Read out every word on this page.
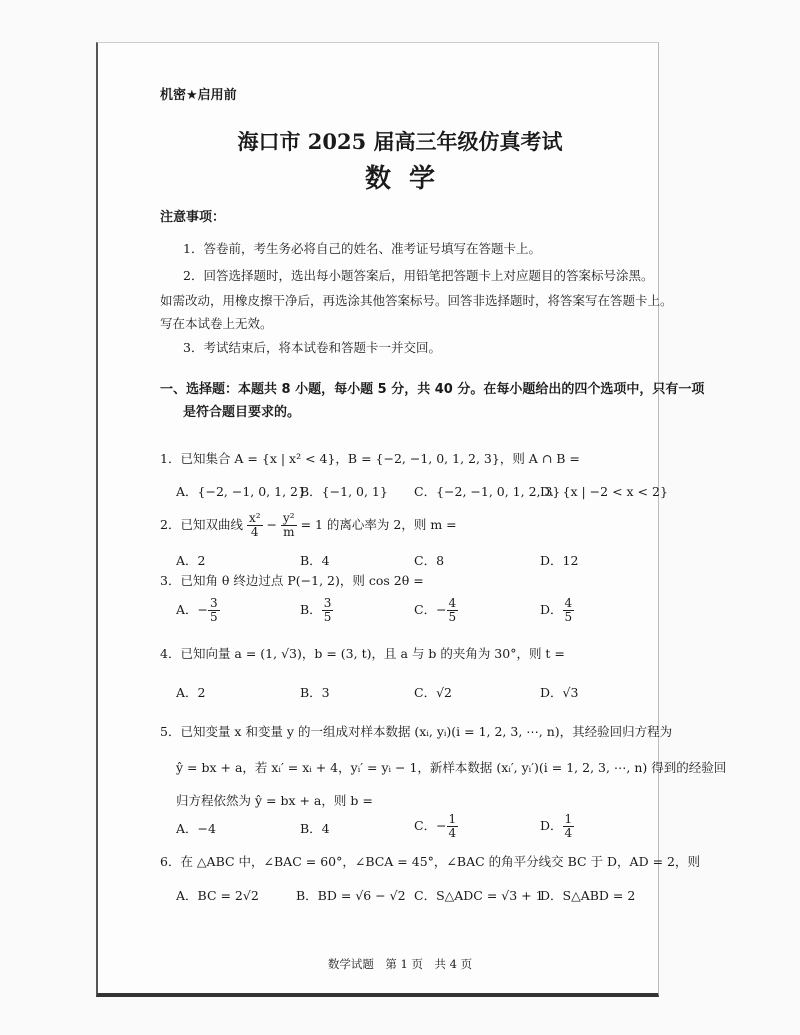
机密★启用前
海口市 2025 届高三年级仿真考试
数学
注意事项：
1．答卷前，考生务必将自己的姓名、准考证号填写在答题卡上。
2．回答选择题时，选出每小题答案后，用铅笔把答题卡上对应题目的答案标号涂黑。
如需改动，用橡皮擦干净后，再选涂其他答案标号。回答非选择题时，将答案写在答题卡上。
写在本试卷上无效。
3．考试结束后，将本试卷和答题卡一并交回。
一、选择题：本题共 8 小题，每小题 5 分，共 40 分。在每小题给出的四个选项中，只有一项
是符合题目要求的。
1．已知集合 A = {x | x² < 4}，B = {−2, −1, 0, 1, 2, 3}，则 A ∩ B =
A．{−2, −1, 0, 1, 2}
B．{−1, 0, 1} C．{−2, −1, 0, 1, 2, 3}
D．{x | −2 < x < 2}
2．已知双曲线 $\frac{\text{x²}}{4} - \frac{\text{y²}}{m} = 1$ 的离心率为 2，则 m =
A．2	B．4	C．8	D．12
3．已知角 θ 终边过点 P(−1, 2)，则 cos 2θ =
A．− $\frac{3}{5}$	B． $\frac{3}{5}$	C．− $\frac{4}{5}$	D． $\frac{4}{5}$
4．已知向量 a = (1, √3)，b = (3, t)，且 a 与 b 的夹角为 30°，则 t =
A．2	B．3	C．√2	D．√3
5．已知变量 x 和变量 y 的一组成对样本数据 (xᵢ, yᵢ)(i = 1, 2, 3, ⋯, n)，其经验回归方程为
ŷ = bx + a，若 xᵢ′ = xᵢ + 4，yᵢ′ = yᵢ − 1，新样本数据 (xᵢ′, yᵢ′)(i = 1, 2, 3, ⋯, n) 得到的经验回
归方程依然为 ŷ = bx + a，则 b =
A．−4	B．4	C．− $\frac{1}{4}$	D． $\frac{1}{4}$
6．在 △ABC 中，∠BAC = 60°，∠BCA = 45°，∠BAC 的角平分线交 BC 于 D，AD = 2，则
A．BC = 2√2	B．BD = √6 − √2 C．S△ADC = √3 + 1
D．S△ABD = 2
数学试题　第 1 页　共 4 页
